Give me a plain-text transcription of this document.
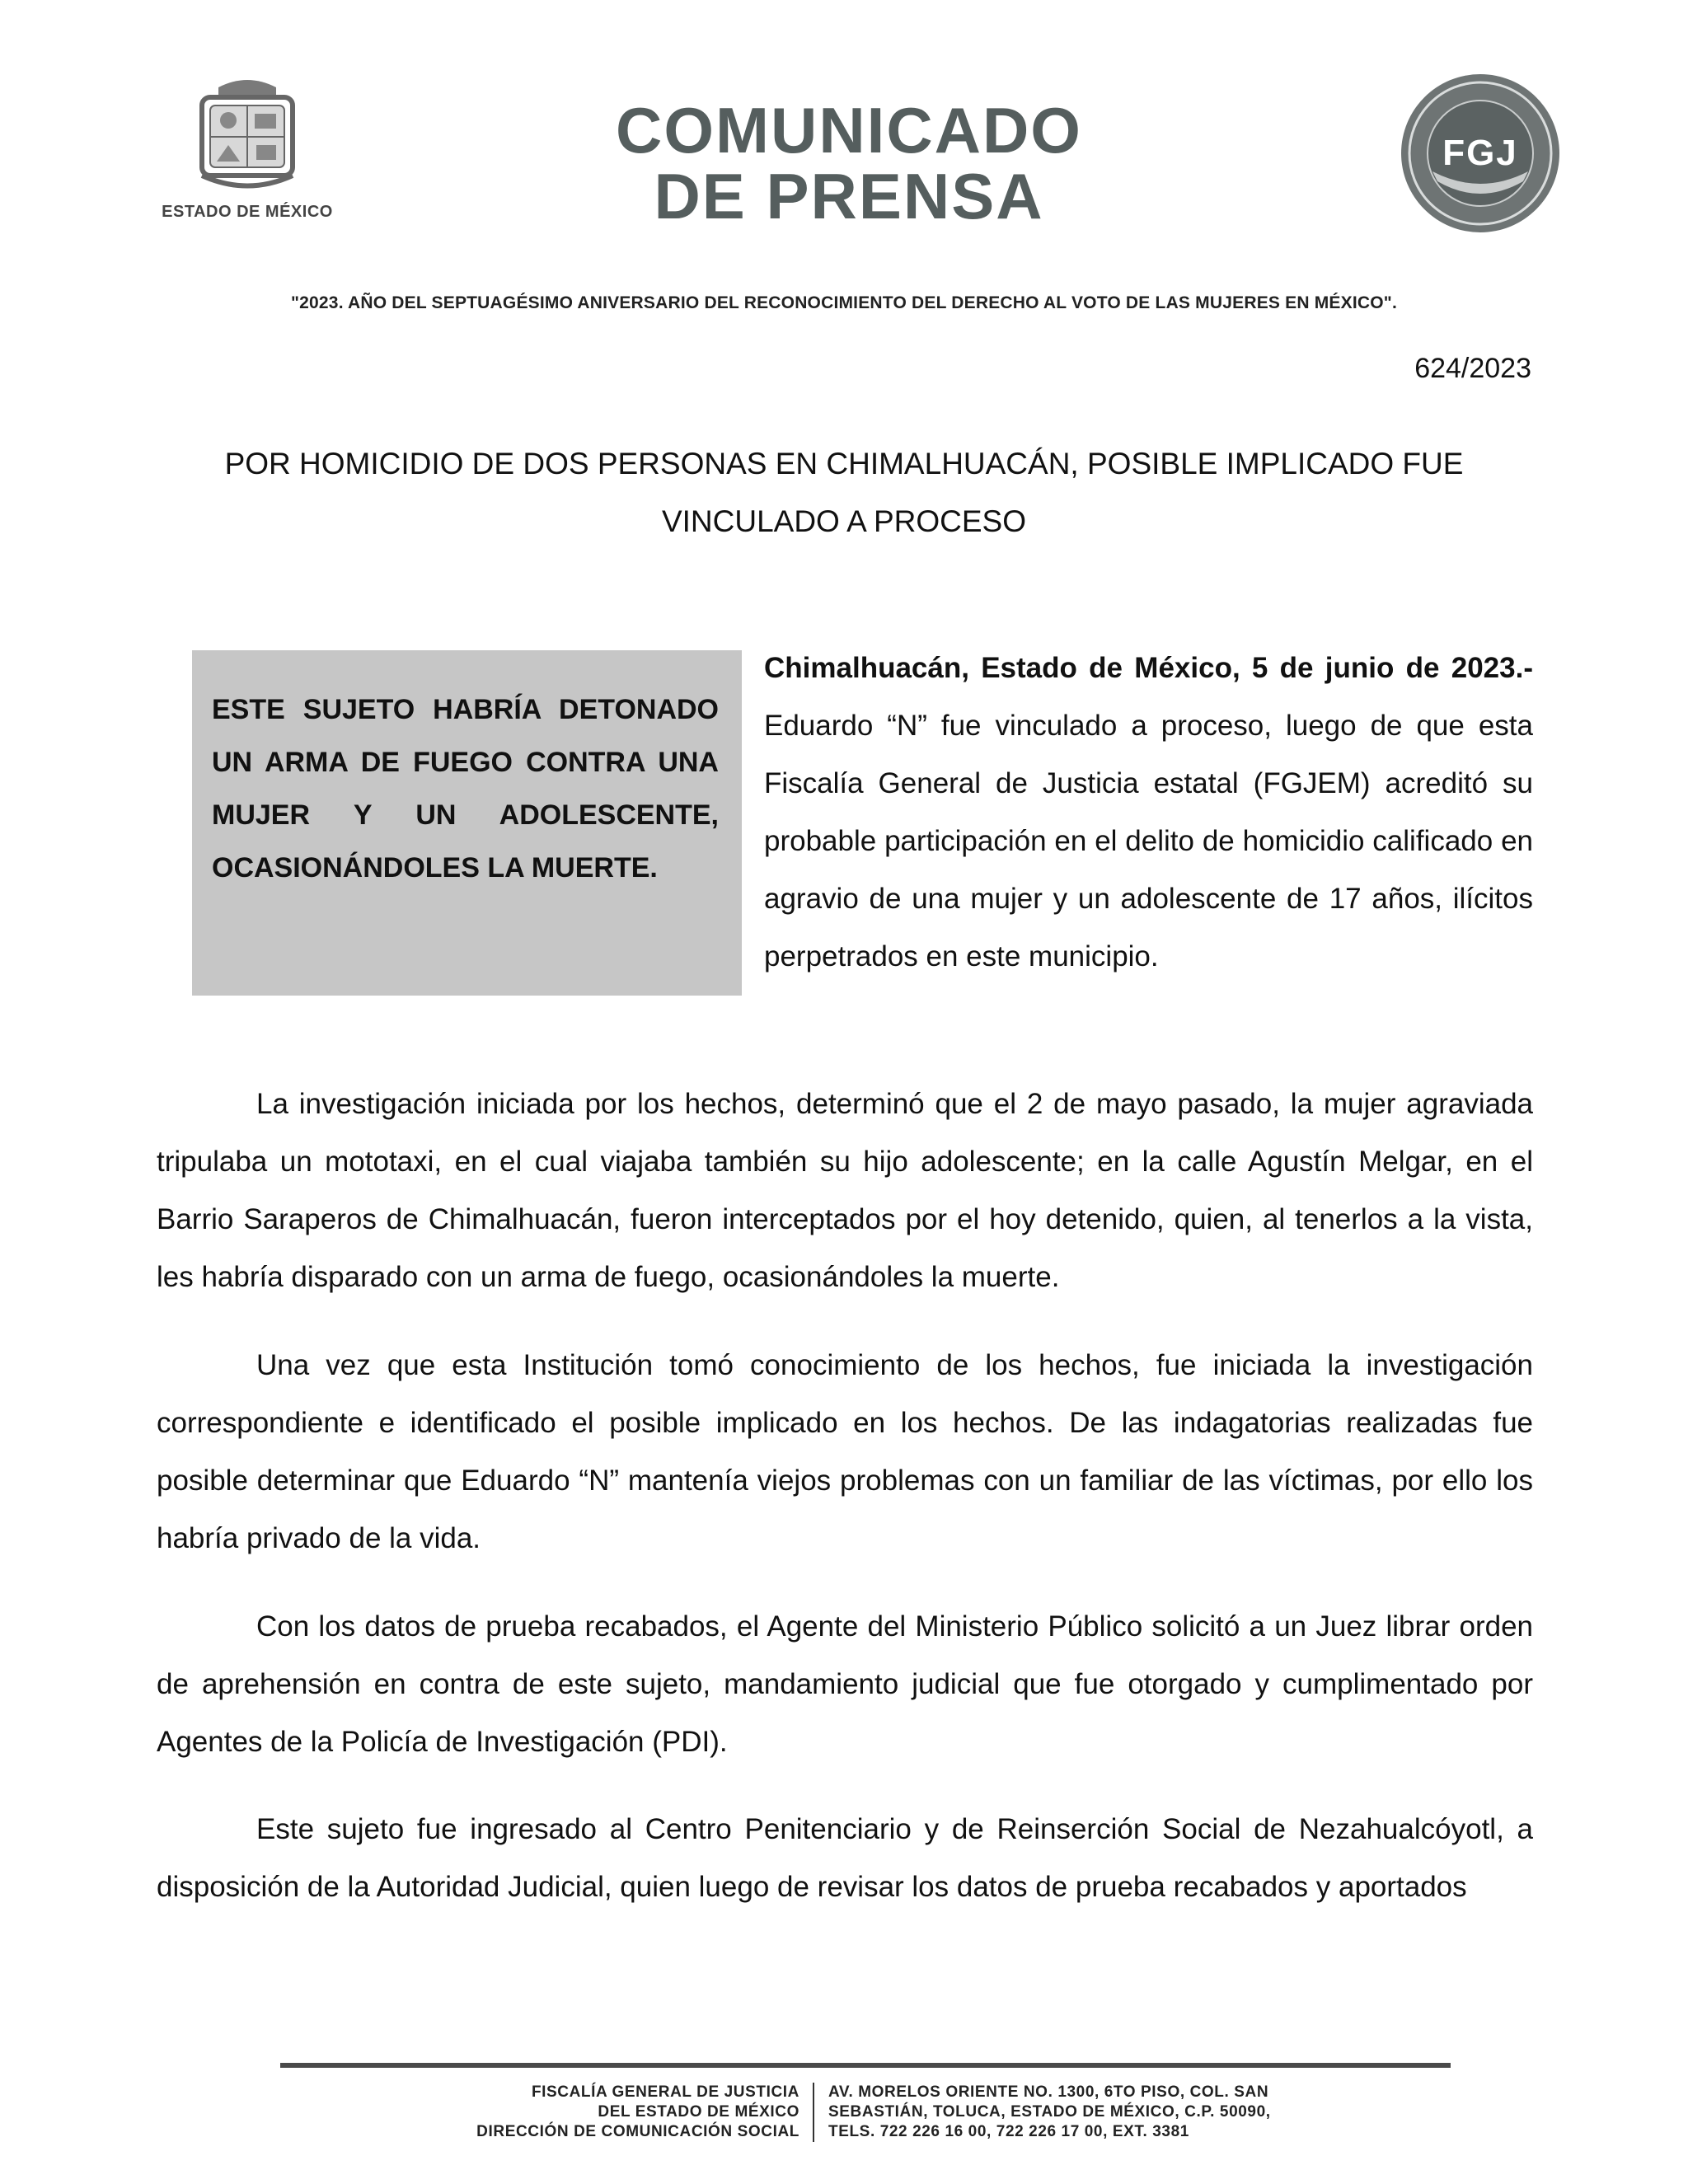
ESTADO DE MÉXICO
COMUNICADO
DE PRENSA
FGJ
"2023. AÑO DEL SEPTUAGÉSIMO ANIVERSARIO DEL RECONOCIMIENTO DEL DERECHO AL VOTO DE LAS MUJERES EN MÉXICO".
624/2023
POR HOMICIDIO DE DOS PERSONAS EN CHIMALHUACÁN, POSIBLE IMPLICADO FUE VINCULADO A PROCESO
ESTE SUJETO HABRÍA DETONADO UN ARMA DE FUEGO CONTRA UNA MUJER Y UN ADOLESCENTE,
OCASIONÁNDOLES LA MUERTE.
Chimalhuacán, Estado de México, 5 de junio de 2023.- Eduardo “N” fue vinculado a proceso, luego de que esta Fiscalía General de Justicia estatal (FGJEM) acreditó su probable participación en el delito de homicidio calificado en agravio de una mujer y un adolescente de 17 años, ilícitos perpetrados en este municipio.
La investigación iniciada por los hechos, determinó que el 2 de mayo pasado, la mujer agraviada tripulaba un mototaxi, en el cual viajaba también su hijo adolescente; en la calle Agustín Melgar, en el Barrio Saraperos de Chimalhuacán, fueron interceptados por el hoy detenido, quien, al tenerlos a la vista, les habría disparado con un arma de fuego, ocasionándoles la muerte.
Una vez que esta Institución tomó conocimiento de los hechos, fue iniciada la investigación correspondiente e identificado el posible implicado en los hechos. De las indagatorias realizadas fue posible determinar que Eduardo “N” mantenía viejos problemas con un familiar de las víctimas, por ello los habría privado de la vida.
Con los datos de prueba recabados, el Agente del Ministerio Público solicitó a un Juez librar orden de aprehensión en contra de este sujeto, mandamiento judicial que fue otorgado y cumplimentado por Agentes de la Policía de Investigación (PDI).
Este sujeto fue ingresado al Centro Penitenciario y de Reinserción Social de Nezahualcóyotl, a disposición de la Autoridad Judicial, quien luego de revisar los datos de prueba recabados y aportados
FISCALÍA GENERAL DE JUSTICIA
DEL ESTADO DE MÉXICO
DIRECCIÓN DE COMUNICACIÓN SOCIAL
AV. MORELOS ORIENTE NO. 1300, 6TO PISO, COL. SAN
SEBASTIÁN, TOLUCA, ESTADO DE MÉXICO, C.P. 50090,
TELS. 722 226 16 00, 722 226 17 00, EXT. 3381
